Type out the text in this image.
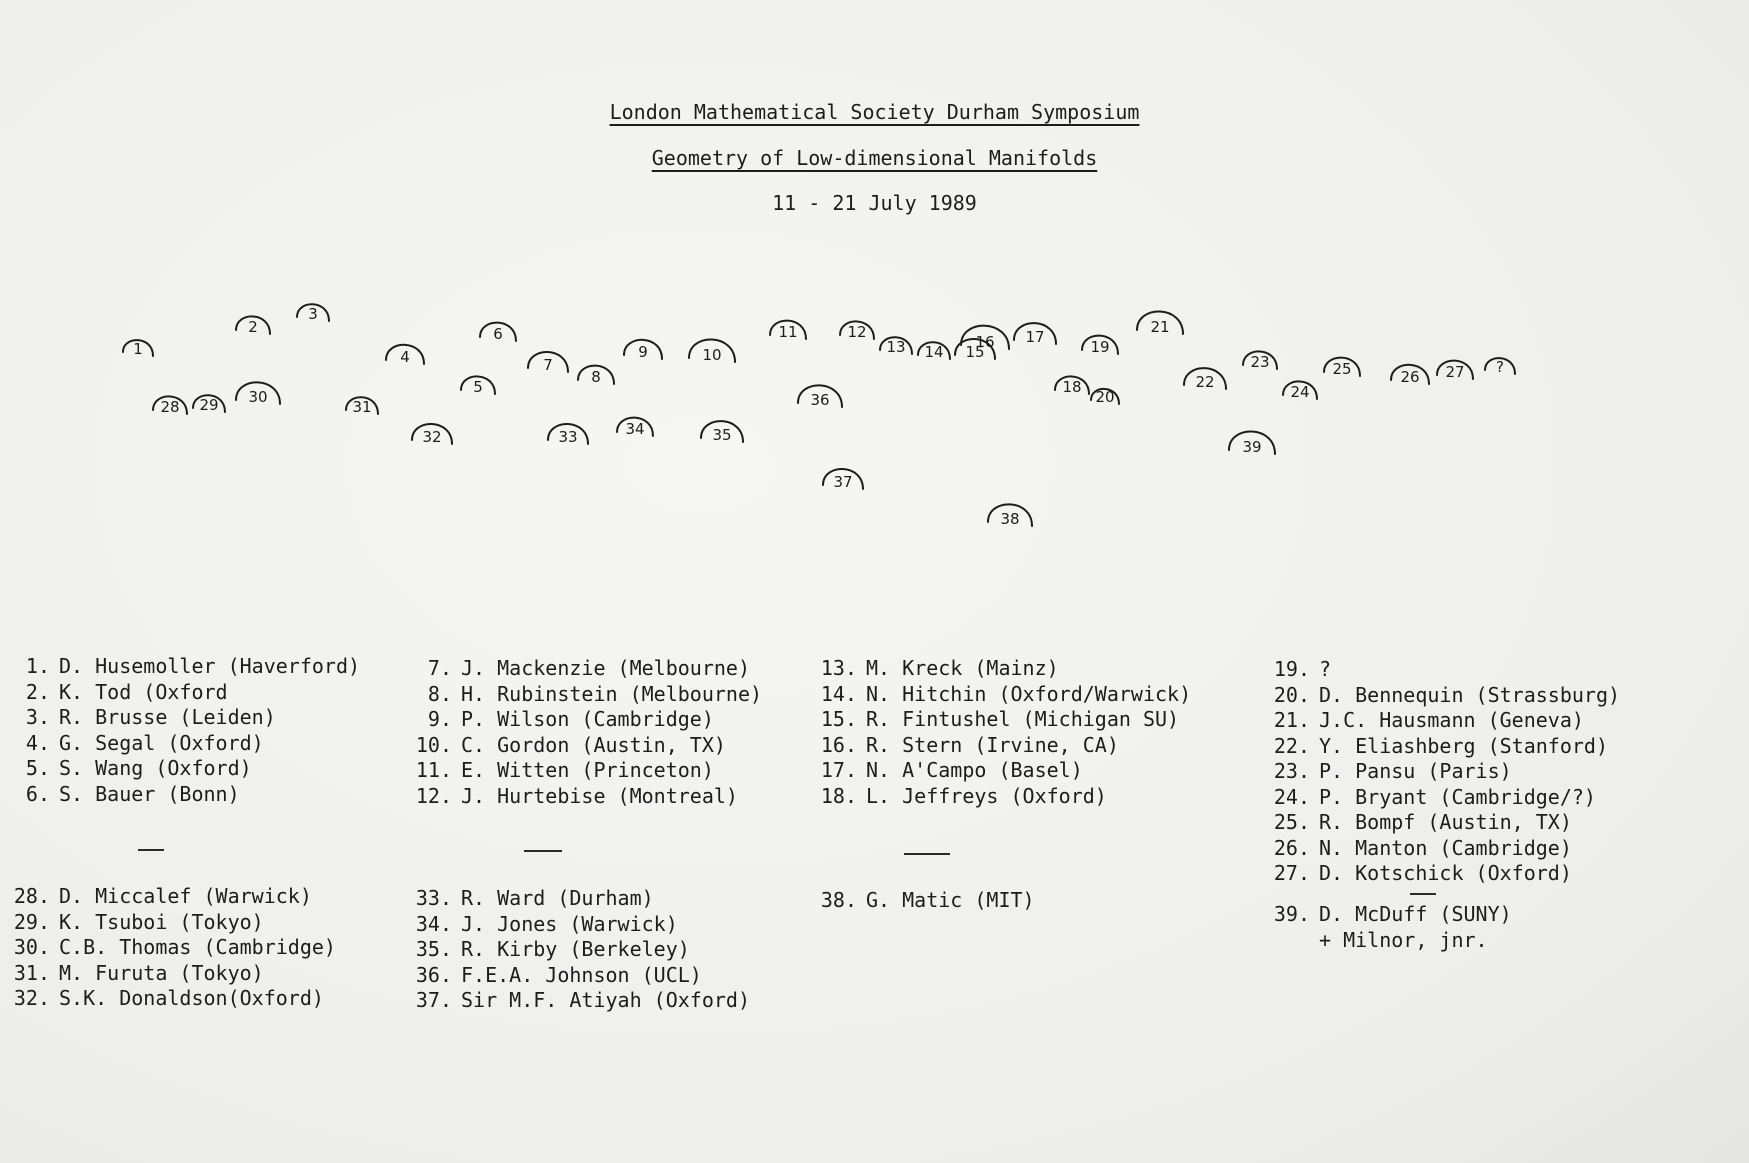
London Mathematical Society Durham Symposium
Geometry of Low-dimensional Manifolds
11 - 21 July 1989
1
2
3
4
5
6
7
8
9	10
11	12
13 14 15
16 17
18
19
20
21
22
23
24
25	26 27 ?
28 29 30
31
32	33	34	35
36
37
38
39
1. D. Husemoller (Haverford)
2. K. Tod (Oxford
3. R. Brusse (Leiden)
4. G. Segal (Oxford)
5. S. Wang (Oxford)
6. S. Bauer (Bonn)
7. J. Mackenzie (Melbourne)
8. H. Rubinstein (Melbourne)
9. P. Wilson (Cambridge)
10. C. Gordon (Austin, TX)
11. E. Witten (Princeton)
12. J. Hurtebise (Montreal)
13. M. Kreck (Mainz)
14. N. Hitchin (Oxford/Warwick)
15. R. Fintushel (Michigan SU)
16. R. Stern (Irvine, CA)
17. N. A'Campo (Basel)
18. L. Jeffreys (Oxford)
19. ?
20. D. Bennequin (Strassburg)
21. J.C. Hausmann (Geneva)
22. Y. Eliashberg (Stanford)
23. P. Pansu (Paris)
24. P. Bryant (Cambridge/?)
25. R. Bompf (Austin, TX)
26. N. Manton (Cambridge)
27. D. Kotschick (Oxford)
28. D. Miccalef (Warwick)
29. K. Tsuboi (Tokyo)
30. C.B. Thomas (Cambridge)
31. M. Furuta (Tokyo)
32. S.K. Donaldson(Oxford)
33. R. Ward (Durham)
34. J. Jones (Warwick)
35. R. Kirby (Berkeley)
36. F.E.A. Johnson (UCL)
37. Sir M.F. Atiyah (Oxford)
38. G. Matic (MIT)
39. D. McDuff (SUNY)
+ Milnor, jnr.
